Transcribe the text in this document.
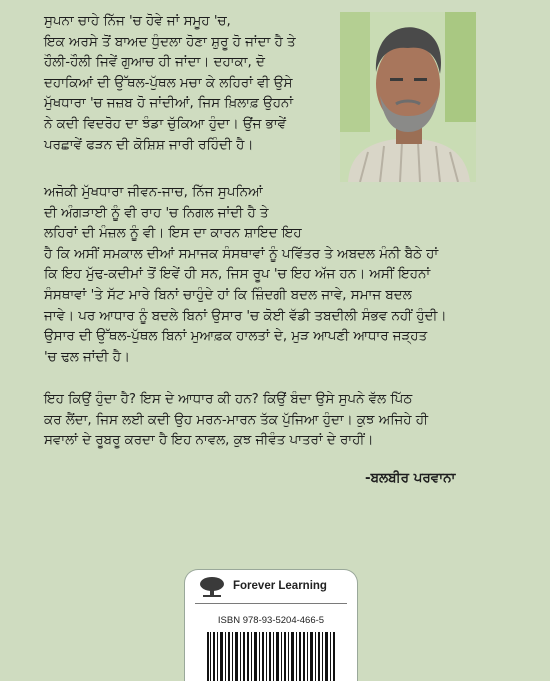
ਸੁਪਨਾ ਚਾਹੇ ਨਿੱਜ 'ਚ ਹੋਵੇ ਜਾਂ ਸਮੂਹ 'ਚ,
ਇਕ ਅਰਸੇ ਤੋਂ ਬਾਅਦ ਧੁੰਦਲਾ ਹੋਣਾ ਸ਼ੁਰੂ ਹੋ ਜਾਂਦਾ ਹੈ ਤੇ
ਹੌਲੀ-ਹੌਲੀ ਜਿਵੇਂ ਗੁਆਚ ਹੀ ਜਾਂਦਾ। ਦਹਾਕਾ, ਦੋ
ਦਹਾਕਿਆਂ ਦੀ ਉੱਥਲ-ਪੁੱਥਲ ਮਚਾ ਕੇ ਲਹਿਰਾਂ ਵੀ ਉਸੇ
ਮੁੱਖਧਾਰਾ 'ਚ ਜਜ਼ਬ ਹੋ ਜਾਂਦੀਆਂ, ਜਿਸ ਖ਼ਿਲਾਫ਼ ਉਹਨਾਂ
ਨੇ ਕਦੀ ਵਿਦਰੋਹ ਦਾ ਝੰਡਾ ਚੁੱਕਿਆ ਹੁੰਦਾ। ਉਂਜ ਭਾਵੇਂ
ਪਰਛਾਵੇਂ ਫੜਨ ਦੀ ਕੋਸ਼ਿਸ਼ ਜਾਰੀ ਰਹਿੰਦੀ ਹੈ।
ਅਜੋਕੀ ਮੁੱਖਧਾਰਾ ਜੀਵਨ-ਜਾਚ, ਨਿੱਜ ਸੁਪਨਿਆਂ
ਦੀ ਅੰਗੜਾਈ ਨੂੰ ਵੀ ਰਾਹ 'ਚ ਨਿਗਲ ਜਾਂਦੀ ਹੈ ਤੇ
ਲਹਿਰਾਂ ਦੀ ਮੰਜ਼ਲ ਨੂੰ ਵੀ। ਇਸ ਦਾ ਕਾਰਨ ਸ਼ਾਇਦ ਇਹ
ਹੈ ਕਿ ਅਸੀਂ ਸਮਕਾਲ ਦੀਆਂ ਸਮਾਜਕ ਸੰਸਥਾਵਾਂ ਨੂੰ ਪਵਿੱਤਰ ਤੇ ਅਬਦਲ ਮੰਨੀ ਬੈਠੇ ਹਾਂ
ਕਿ ਇਹ ਮੁੱਢ-ਕਦੀਮਾਂ ਤੋਂ ਇਵੇਂ ਹੀ ਸਨ, ਜਿਸ ਰੂਪ 'ਚ ਇਹ ਅੱਜ ਹਨ। ਅਸੀਂ ਇਹਨਾਂ
ਸੰਸਥਾਵਾਂ 'ਤੇ ਸੱਟ ਮਾਰੇ ਬਿਨਾਂ ਚਾਹੁੰਦੇ ਹਾਂ ਕਿ ਜ਼ਿੰਦਗੀ ਬਦਲ ਜਾਵੇ, ਸਮਾਜ ਬਦਲ
ਜਾਵੇ। ਪਰ ਆਧਾਰ ਨੂੰ ਬਦਲੇ ਬਿਨਾਂ ਉਸਾਰ 'ਚ ਕੋਈ ਵੱਡੀ ਤਬਦੀਲੀ ਸੰਭਵ ਨਹੀਂ ਹੁੰਦੀ।
ਉਸਾਰ ਦੀ ਉੱਥਲ-ਪੁੱਥਲ ਬਿਨਾਂ ਮੁਆਫ਼ਕ ਹਾਲਤਾਂ ਦੇ, ਮੁੜ ਆਪਣੀ ਆਧਾਰ ਜੜ੍ਹਤ
'ਚ ਢਲ ਜਾਂਦੀ ਹੈ।
ਇਹ ਕਿਉਂ ਹੁੰਦਾ ਹੈ? ਇਸ ਦੇ ਆਧਾਰ ਕੀ ਹਨ? ਕਿਉਂ ਬੰਦਾ ਉਸੇ ਸੁਪਨੇ ਵੱਲ ਪਿੱਠ
ਕਰ ਲੈਂਦਾ, ਜਿਸ ਲਈ ਕਦੀ ਉਹ ਮਰਨ-ਮਾਰਨ ਤੱਕ ਪੁੱਜਿਆ ਹੁੰਦਾ। ਕੁਝ ਅਜਿਹੇ ਹੀ
ਸਵਾਲਾਂ ਦੇ ਰੂਬਰੂ ਕਰਦਾ ਹੈ ਇਹ ਨਾਵਲ, ਕੁਝ ਜੀਵੰਤ ਪਾਤਰਾਂ ਦੇ ਰਾਹੀਂ।
-ਬਲਬੀਰ ਪਰਵਾਨਾ
Forever Learning
ISBN 978-93-5204-466-5
